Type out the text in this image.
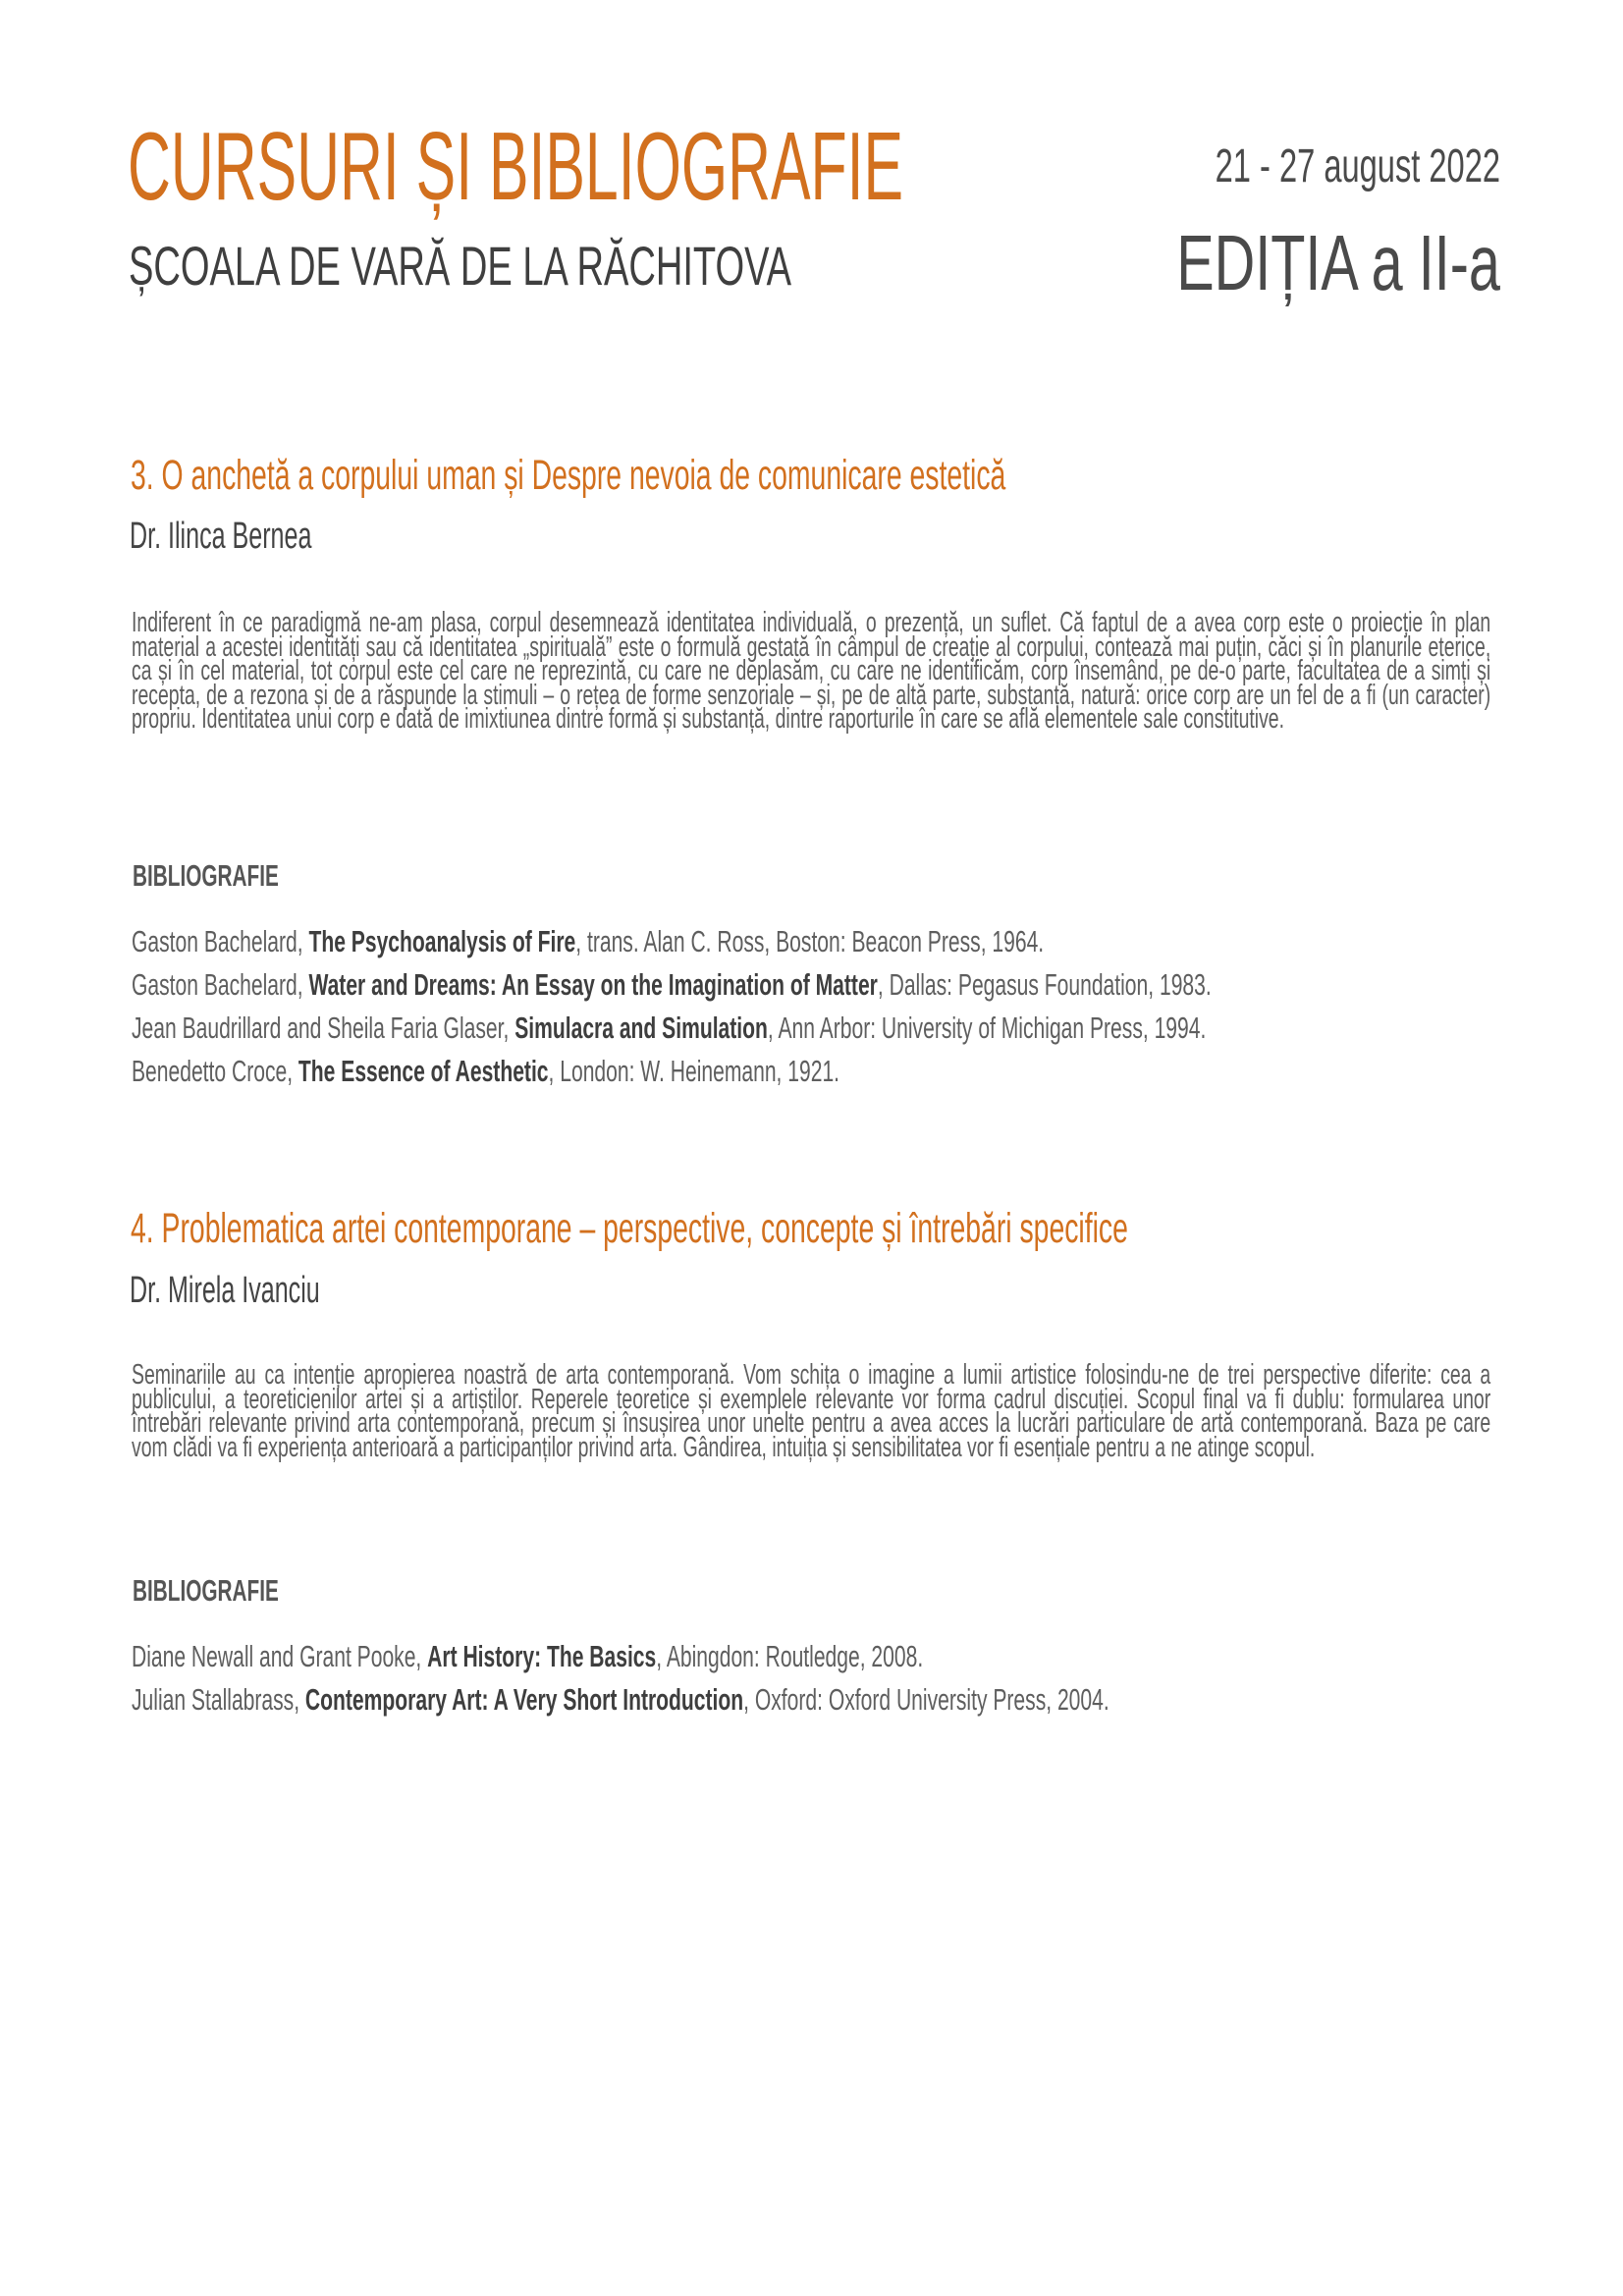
CURSURI ȘI BIBLIOGRAFIE
ȘCOALA DE VARĂ DE LA RĂCHITOVA
21 - 27 august 2022
EDIȚIA a II-a
3. O anchetă a corpului uman și Despre nevoia de comunicare estetică
Dr. Ilinca Bernea
Indiferent în ce paradigmă ne-am plasa, corpul desemnează identitatea individuală, o prezență, un suflet. Că faptul de a avea corp este o proiecție în plan material a acestei identități sau că identitatea „spirituală” este o formulă gestată în câmpul de creație al corpului, contează mai puțin, căci și în planurile eterice, ca și în cel material, tot corpul este cel care ne reprezintă, cu care ne deplasăm, cu care ne identificăm, corp însemând, pe de-o parte, facultatea de a simți și recepta, de a rezona și de a răspunde la stimuli – o rețea de forme senzoriale – și, pe de altă parte, substanță, natură: orice corp are un fel de a fi (un caracter) propriu. Identitatea unui corp e dată de imixtiunea dintre formă și substanță, dintre raporturile în care se află elementele sale constitutive.
BIBLIOGRAFIE
Gaston Bachelard, The Psychoanalysis of Fire, trans. Alan C. Ross, Boston: Beacon Press, 1964.
Gaston Bachelard, Water and Dreams: An Essay on the Imagination of Matter, Dallas: Pegasus Foundation, 1983.
Jean Baudrillard and Sheila Faria Glaser, Simulacra and Simulation, Ann Arbor: University of Michigan Press, 1994.
Benedetto Croce, The Essence of Aesthetic, London: W. Heinemann, 1921.
4. Problematica artei contemporane – perspective, concepte și întrebări specifice
Dr. Mirela Ivanciu
Seminariile au ca intenție apropierea noastră de arta contemporană. Vom schița o imagine a lumii artistice folosindu-ne de trei perspective diferite: cea a publicului, a teoreticienilor artei și a artiștilor. Reperele teoretice și exemplele relevante vor forma cadrul discuției. Scopul final va fi dublu: formularea unor întrebări relevante privind arta contemporană, precum și însușirea unor unelte pentru a avea acces la lucrări particulare de artă contemporană. Baza pe care vom clădi va fi experiența anterioară a participanților privind arta. Gândirea, intuiția și sensibilitatea vor fi esențiale pentru a ne atinge scopul.
BIBLIOGRAFIE
Diane Newall and Grant Pooke, Art History: The Basics, Abingdon: Routledge, 2008.
Julian Stallabrass, Contemporary Art: A Very Short Introduction, Oxford: Oxford University Press, 2004.
